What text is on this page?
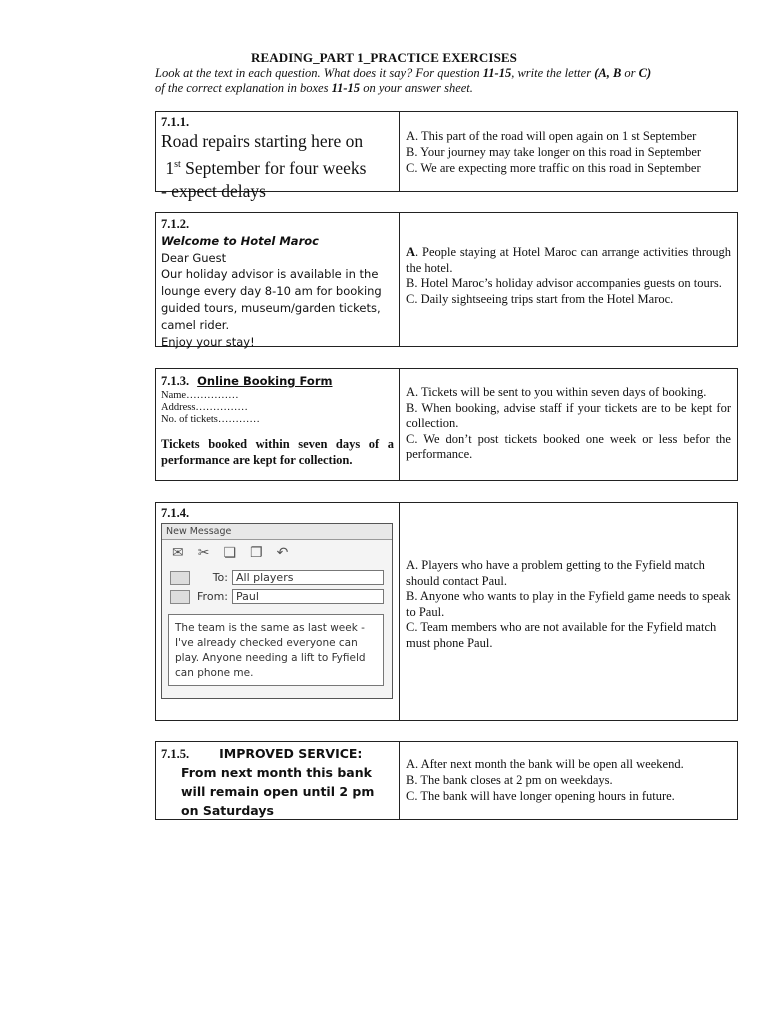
READING_PART 1_PRACTICE EXERCISES
Look at the text in each question. What does it say? For question 11-15, write the letter (A, B or C)
of the correct explanation in boxes 11-15 on your answer sheet.
7.1.1.
Road repairs starting here on
1st September for four weeks
- expect delays
A. This part of the road will open again on 1 st September
B. Your journey may take longer on this road in September
C. We are expecting more traffic on this road in September
7.1.2.
Welcome to Hotel Maroc
Dear Guest
Our holiday advisor is available in the
lounge every day 8-10 am for booking
guided tours, museum/garden tickets,
camel rider.
Enjoy your stay!
A. People staying at Hotel Maroc can arrange activities through the hotel.
B. Hotel Maroc’s holiday advisor accompanies guests on tours.
C. Daily sightseeing trips start from the Hotel Maroc.
7.1.3. Online Booking Form
Name……………
Address……………
No. of tickets…………
Tickets booked within seven days of a performance are kept for collection.
A. Tickets will be sent to you within seven days of booking.
B. When booking, advise staff if your tickets are to be kept for collection.
C. We don’t post tickets booked one week or less befor the performance.
7.1.4.
New Message
✉ ✂ ❏ ❐ ↶
To: All players
From: Paul
The team is the same as last week - I've already checked everyone can play. Anyone needing a lift to Fyfield can phone me.
A. Players who have a problem getting to the Fyfield match should contact Paul.
B. Anyone who wants to play in the Fyfield game needs to speak to Paul.
C. Team members who are not available for the Fyfield match must phone Paul.
7.1.5. IMPROVED SERVICE:
From next month this bank
will remain open until 2 pm
on Saturdays
A. After next month the bank will be open all weekend.
B. The bank closes at 2 pm on weekdays.
C. The bank will have longer opening hours in future.
